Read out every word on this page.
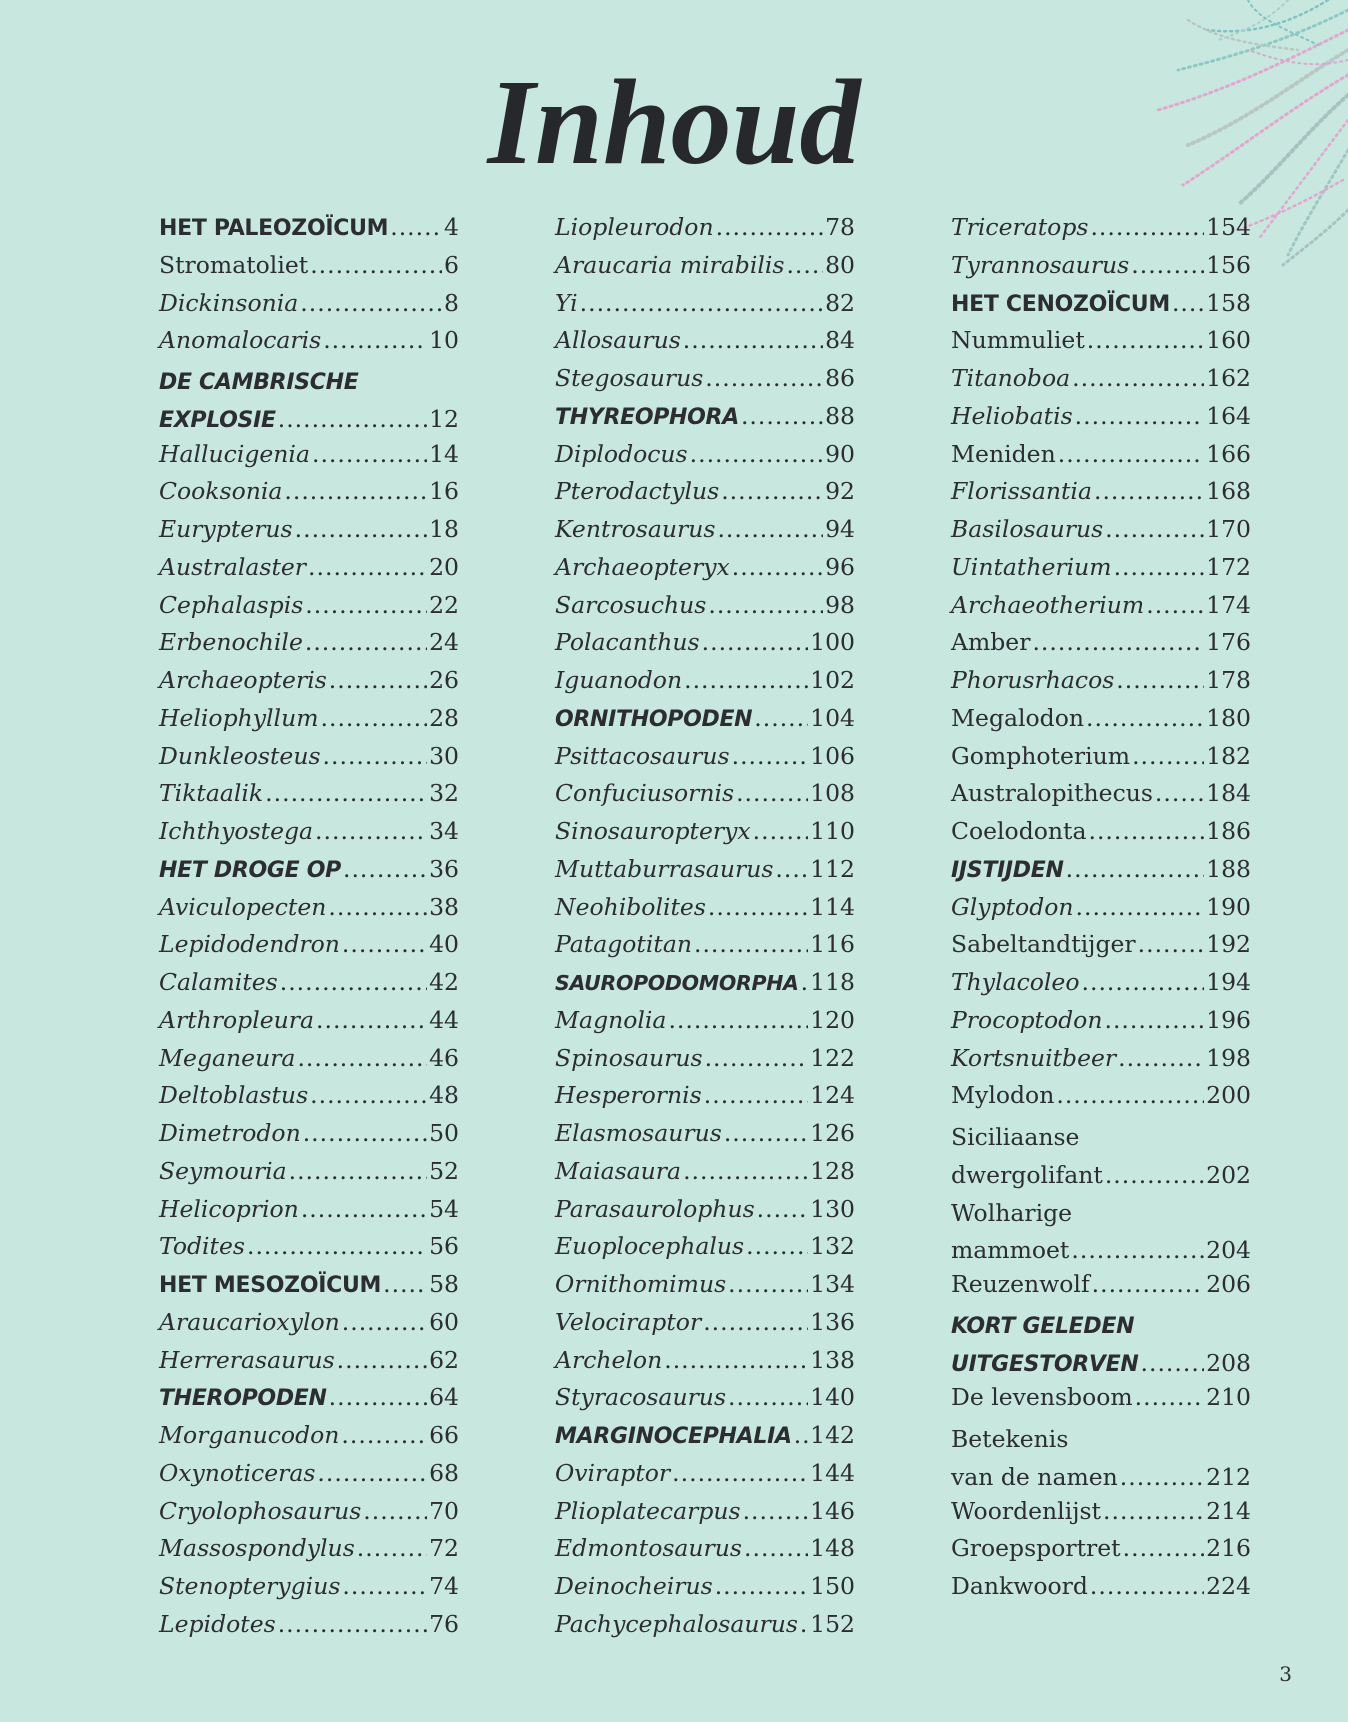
Inhoud
HET PALEOZOÏCUM ..... 4
Stromatoliet .....	6
Dickinsonia .....	8
Anomalocaris .....	10
DE CAMBRISCHE
EXPLOSIE .....	12
Hallucigenia .....	14
Cooksonia .....	16
Eurypterus .....	18
Australaster .....	20
Cephalaspis .....	22
Erbenochile .....	24
Archaeopteris .....	26
Heliophyllum .....	28
Dunkleosteus .....	30
Tiktaalik .....	32
Ichthyostega .....	34
HET DROGE OP .....	36
Aviculopecten .....	38
Lepidodendron .....	40
Calamites .....	42
Arthropleura .....	44
Meganeura .....	46
Deltoblastus .....	48
Dimetrodon .....	50
Seymouria .....	52
Helicoprion .....	54
Todites .....	56
HET MESOZOÏCUM ..... 58
Araucarioxylon .....	60
Herrerasaurus .....	62
THEROPODEN .....	64
Morganucodon .....	66
Oxynoticeras .....	68
Cryolophosaurus .....	70
Massospondylus .....	72
Stenopterygius .....	74
Lepidotes .....	76
Liopleurodon .....	78
Araucaria mirabilis ..... 80
Yi .....	82
Allosaurus .....	84
Stegosaurus .....	86
THYREOPHORA .....	88
Diplodocus .....	90
Pterodactylus .....	92
Kentrosaurus .....	94
Archaeopteryx .....	96
Sarcosuchus .....	98
Polacanthus .....	100
Iguanodon .....	102
ORNITHOPODEN ..... 104
Psittacosaurus .....	106
Confuciusornis .....	108
Sinosauropteryx .....	110
Muttaburrasaurus ..... 112
Neohibolites .....	114
Patagotitan .....	116
SAUROPODOMORPHA ..... 118
Magnolia .....	120
Spinosaurus .....	122
Hesperornis .....	124
Elasmosaurus .....	126
Maiasaura .....	128
Parasaurolophus ..... 130
Euoplocephalus .....	132
Ornithomimus .....	134
Velociraptor .....	136
Archelon .....	138
Styracosaurus .....	140
MARGINOCEPHALIA ..... 142
Oviraptor .....	144
Plioplatecarpus .....	146
Edmontosaurus .....	148
Deinocheirus .....	150
Pachycephalosaurus ..... 152
Triceratops .....	154
Tyrannosaurus .....	156
HET CENOZOÏCUM ..... 158
Nummuliet .....	160
Titanoboa .....	162
Heliobatis .....	164
Meniden .....	166
Florissantia .....	168
Basilosaurus .....	170
Uintatherium .....	172
Archaeotherium .....	174
Amber .....	176
Phorusrhacos .....	178
Megalodon .....	180
Gomphoterium .....	182
Australopithecus ..... 184
Coelodonta .....	186
IJSTIJDEN .....	188
Glyptodon .....	190
Sabeltandtijger .....	192
Thylacoleo .....	194
Procoptodon .....	196
Kortsnuitbeer .....	198
Mylodon .....	200
Siciliaanse
dwergolifant .....	202
Wolharige
mammoet .....	204
Reuzenwolf .....	206
KORT GELEDEN
UITGESTORVEN .....	208
De levensboom .....	210
Betekenis
van de namen .....	212
Woordenlijst .....	214
Groepsportret .....	216
Dankwoord .....	224
3
